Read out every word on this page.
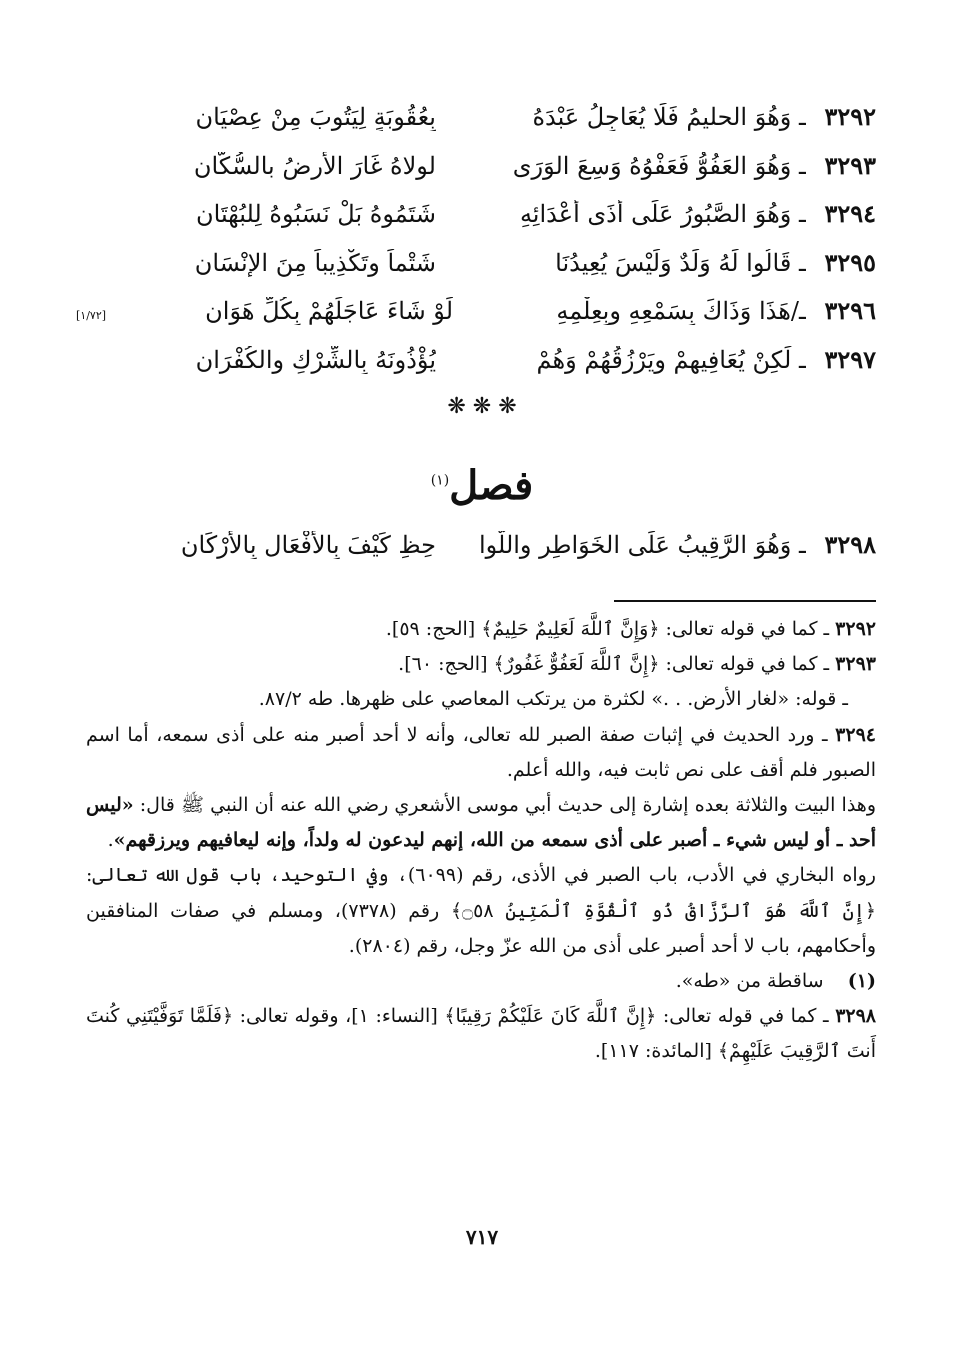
٣٢٩٢
ـ وَهُوَ الحليمُ فَلَا يُعَاجِلُ عَبْدَهُ
بِعُقُوبَةٍ لِيَتُوبَ مِنْ عِصْيَانِ
٣٢٩٣
ـ وَهُوَ العَفُوُّ فَعَفْوُهُ وَسِعَ الوَرَى
لولاهُ غَارَ الأرضُ بالسُّكَّانِ
٣٢٩٤
ـ وَهُوَ الصَّبُورُ عَلَى أَذَى أَعْدَائِهِ
شَتَمُوهُ بَلْ نَسَبُوهُ لِلبُهْتَانِ
٣٢٩٥
ـ قَالُوا لَهُ وَلَدٌ وَلَيْسَ يُعِيدُنَا
شَتْماً وتَكْذِيباً مِنَ الإِنْسَانِ
٣٢٩٦
ـ/هَذَا وَذَاكَ بِسَمْعِهِ وبِعِلْمِهِ
لَوْ شَاءَ عَاجَلَهُمْ بِكُلِّ هَوَانِ
[١/٧٢]
٣٢٩٧
ـ لَكِنْ يُعَافِيهِمْ ويَرْزُقُهُمْ وَهُمْ
يُؤْذُونَهُ بِالشِّرْكِ والكُفْرَانِ
❋ ❋ ❋
فصل$^{(١)}$
٣٢٩٨
ـ وَهُوَ الرَّقِيبُ عَلَى الخَوَاطِرِ واللَّوا
حِظِ كَيْفَ بِالأَفْعَالِ بِالأَرْكَانِ

٣٢٩٢ ـ كما في قوله تعالى: ﴿وَإِنَّ ٱللَّهَ لَعَلِيمٌ حَلِيمٌ﴾ [الحج: ٥٩].

٣٢٩٣ ـ كما في قوله تعالى: ﴿إِنَّ ٱللَّهَ لَعَفُوٌّ غَفُورٌ﴾ [الحج: ٦٠].

ـ قوله: «لغار الأرض. . .» لكثرة من يرتكب المعاصي على ظهرها. طه ٨٧/٢.

٣٢٩٤ ـ ورد الحديث في إثبات صفة الصبر لله تعالى، وأنه لا أحد أصبر منه على أذى سمعه، أما اسم الصبور فلم أقف على نص ثابت فيه، والله أعلم.

وهذا البيت والثلاثة بعده إشارة إلى حديث أبي موسى الأشعري رضي الله عنه أن النبي ﷺ قال: «ليس أحد ـ أو ليس شيء ـ أصبر على أذى سمعه من الله، إنهم ليدعون له ولداً، وإنه ليعافيهم ويرزقهم».

رواه البخاري في الأدب، باب الصبر في الأذى، رقم (٦٠٩٩)، وفي التوحيد، باب قول الله تعالى: ﴿إِنَّ ٱللَّهَ هُوَ ٱلرَّزَّاقُ ذُو ٱلْقُوَّةِ ٱلْمَتِينُ ۝٥٨﴾ رقم (٧٣٧٨)، ومسلم في صفات المنافقين وأحكامهم، باب لا أحد أصبر على أذى من الله عزّ وجل، رقم (٢٨٠٤).

(١)    ساقطة من «طه».

٣٢٩٨ ـ كما في قوله تعالى: ﴿إِنَّ ٱللَّهَ كَانَ عَلَيْكُمْ رَقِيبًا﴾ [النساء: ١]، وقوله تعالى: ﴿فَلَمَّا تَوَفَّيْتَنِي كُنتَ أَنتَ ٱلرَّقِيبَ عَلَيْهِمْ﴾ [المائدة: ١١٧].

٧١٧
